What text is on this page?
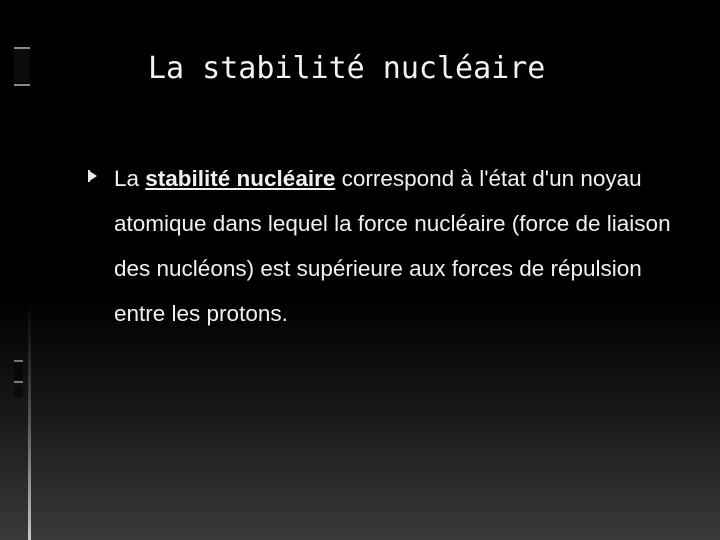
La stabilité nucléaire
La stabilité nucléaire correspond à l'état d'un noyau atomique dans lequel la force nucléaire (force de liaison des nucléons) est supérieure aux forces de répulsion entre les protons.
